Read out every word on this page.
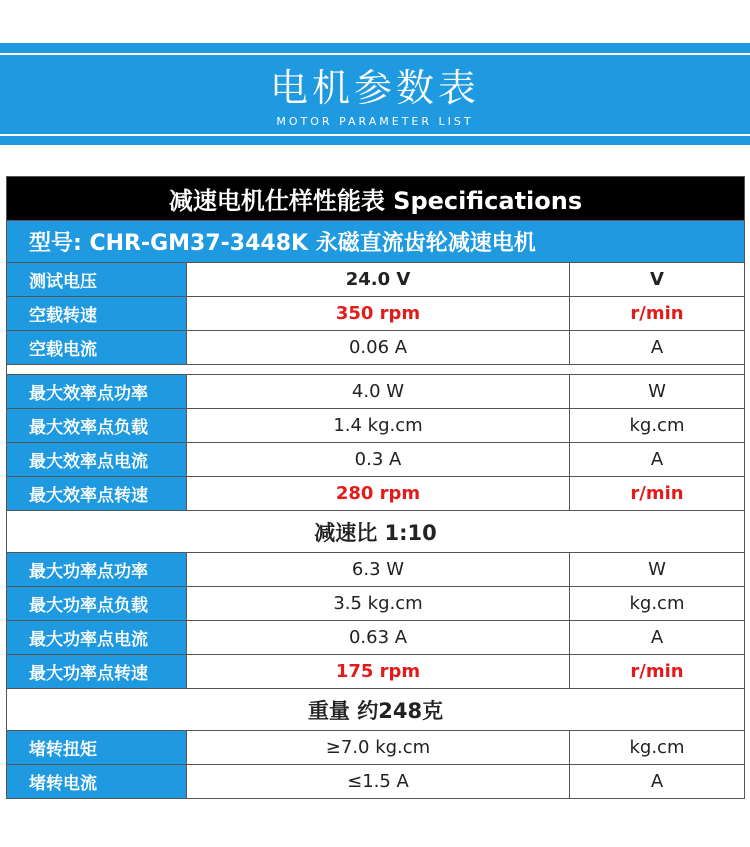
电机参数表
MOTOR PARAMETER LIST
减速电机仕样性能表 Specifications
型号: CHR-GM37-3448K 永磁直流齿轮减速电机
测试电压	24.0 V	V
空载转速	350 rpm	r/min
空载电流	0.06 A	A
最大效率点功率	4.0 W	W
最大效率点负载	1.4 kg.cm	kg.cm
最大效率点电流	0.3 A	A
最大效率点转速	280 rpm	r/min
减速比 1:10
最大功率点功率	6.3 W	W
最大功率点负载	3.5 kg.cm	kg.cm
最大功率点电流	0.63 A	A
最大功率点转速	175 rpm	r/min
重量 约248克
堵转扭矩	≥7.0 kg.cm	kg.cm
堵转电流	≤1.5 A	A
